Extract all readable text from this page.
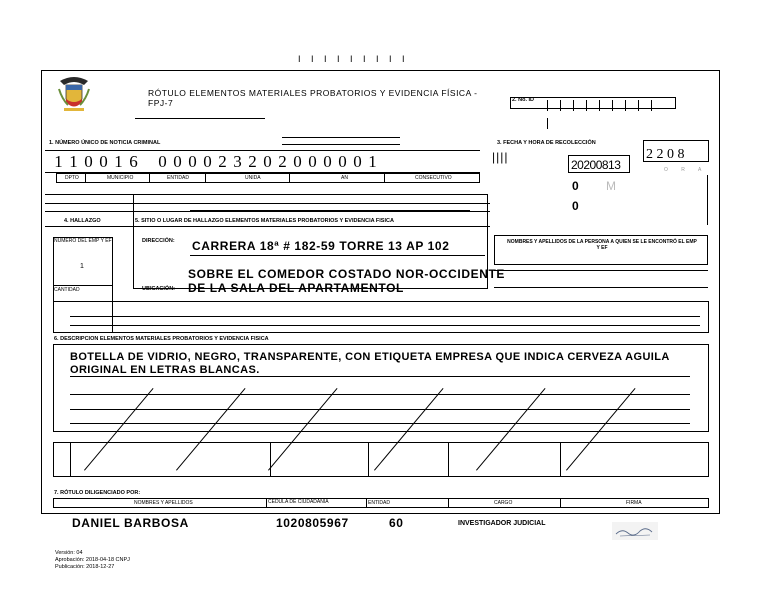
I I I I I I I I I
RÓTULO ELEMENTOS MATERIALES PROBATORIOS Y EVIDENCIA FÍSICA - FPJ-7	2. No. ID
1. NÚMERO ÚNICO DE NOTICIA CRIMINAL
1 1 0 0 1 6 0 0 0 0 2 3 2 0 2 0 0 0 0 0 1
DPTO	MUNICIPIO	ENTIDAD	UNIDA	AN	CONSECUTIVO
3. FECHA Y HORA DE RECOLECCIÓN
||||
20200813
2 2 0 8
O R A
0 M
0
4. HALLAZGO	5. SITIO O LUGAR DE HALLAZGO ELEMENTOS MATERIALES PROBATORIOS Y EVIDENCIA FISICA
NÚMERO DEL EMP Y EF
1
CANTIDAD
DIRECCIÓN: CARRERA 18ª # 182-59 TORRE 13 AP 102
SOBRE EL COMEDOR COSTADO NOR-OCCIDENTE
UBICACIÓN: DE LA SALA DEL APARTAMENTOL
NOMBRES Y APELLIDOS DE LA PERSONA A QUIEN SE LE ENCONTRÓ EL EMP Y EF
6. DESCRIPCION ELEMENTOS MATERIALES PROBATORIOS Y EVIDENCIA FISICA
BOTELLA DE VIDRIO, NEGRO, TRANSPARENTE, CON ETIQUETA EMPRESA QUE INDICA CERVEZA AGUILA
ORIGINAL EN LETRAS BLANCAS.
7. RÓTULO DILIGENCIADO POR:
NOMBRES Y APELLIDOS	CEDULA DE CIUDADANIA	ENTIDAD	CARGO	FIRMA
DANIEL BARBOSA	1020805967	60	INVESTIGADOR JUDICIAL
Versión: 04
Aprobación: 2018-04-18 CNPJ
Publicación: 2018-12-27
